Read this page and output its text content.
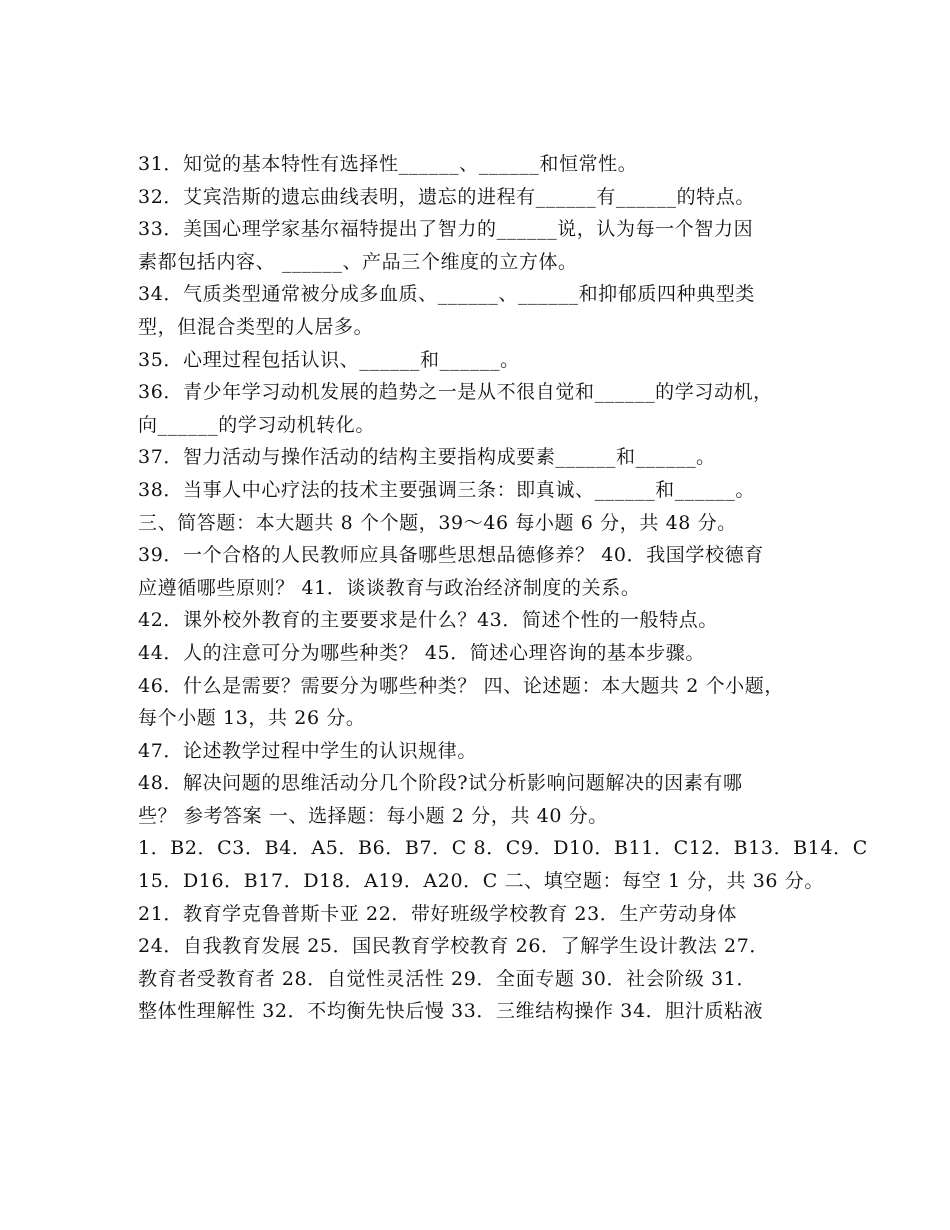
31．知觉的基本特性有选择性______、______和恒常性。
32．艾宾浩斯的遗忘曲线表明，遗忘的进程有______有______的特点。
33．美国心理学家基尔福特提出了智力的______说，认为每一个智力因
素都包括内容、 ______、产品三个维度的立方体。
34．气质类型通常被分成多血质、______、______和抑郁质四种典型类
型，但混合类型的人居多。
35．心理过程包括认识、______和______。
36．青少年学习动机发展的趋势之一是从不很自觉和______的学习动机，
向______的学习动机转化。
37．智力活动与操作活动的结构主要指构成要素______和______。
38．当事人中心疗法的技术主要强调三条：即真诚、______和______。
三、简答题：本大题共 8 个个题，39～46 每小题 6 分，共 48 分。
39．一个合格的人民教师应具备哪些思想品德修养？ 40．我国学校德育
应遵循哪些原则？ 41．谈谈教育与政治经济制度的关系。
42．课外校外教育的主要要求是什么？43．简述个性的一般特点。
44．人的注意可分为哪些种类？ 45．简述心理咨询的基本步骤。
46．什么是需要？需要分为哪些种类？ 四、论述题：本大题共 2 个小题，
每个小题 13，共 26 分。
47．论述教学过程中学生的认识规律。
48．解决问题的思维活动分几个阶段?试分析影响问题解决的因素有哪
些？ 参考答案 一、选择题：每小题 2 分，共 40 分。
1．B2．C3．B4．A5．B6．B7．C 8．C9．D10．B11．C12．B13．B14．C
15．D16．B17．D18．A19．A20．C 二、填空题：每空 1 分，共 36 分。
21．教育学克鲁普斯卡亚 22．带好班级学校教育 23．生产劳动身体
24．自我教育发展 25．国民教育学校教育 26．了解学生设计教法 27．
教育者受教育者 28．自觉性灵活性 29．全面专题 30．社会阶级 31．
整体性理解性 32．不均衡先快后慢 33．三维结构操作 34．胆汁质粘液
